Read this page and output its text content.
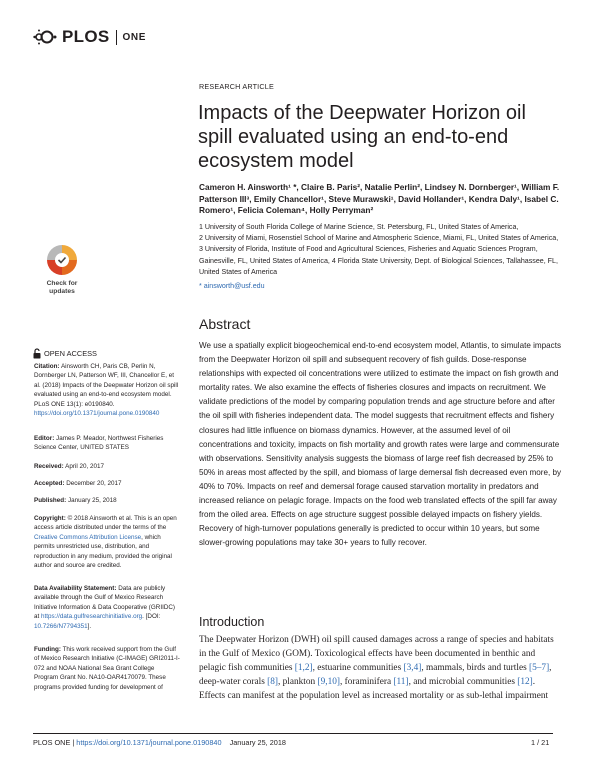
PLOS ONE
RESEARCH ARTICLE
Impacts of the Deepwater Horizon oil spill evaluated using an end-to-end ecosystem model
Cameron H. Ainsworth¹ *, Claire B. Paris², Natalie Perlin², Lindsey N. Dornberger¹, William F. Patterson III³, Emily Chancellor¹, Steve Murawski¹, David Hollander¹, Kendra Daly¹, Isabel C. Romero¹, Felicia Coleman⁴, Holly Perryman²

1 University of South Florida College of Marine Science, St. Petersburg, FL, United States of America,

2 University of Miami, Rosenstiel School of Marine and Atmospheric Science, Miami, FL, United States of America, 3 University of Florida, Institute of Food and Agricultural Sciences, Fisheries and Aquatic Sciences Program, Gainesville, FL, United States of America, 4 Florida State University, Dept. of Biological Sciences, Tallahassee, FL, United States of America

* ainsworth@usf.edu
Abstract

We use a spatially explicit biogeochemical end-to-end ecosystem model, Atlantis, to simulate impacts from the Deepwater Horizon oil spill and subsequent recovery of fish guilds. Dose-response relationships with expected oil concentrations were utilized to estimate the impact on fish growth and mortality rates. We also examine the effects of fisheries closures and impacts on recruitment. We validate predictions of the model by comparing population trends and age structure before and after the oil spill with fisheries independent data. The model suggests that recruitment effects and fishery closures had little influence on biomass dynamics. However, at the assumed level of oil concentrations and toxicity, impacts on fish mortality and growth rates were large and commensurate with observations. Sensitivity analysis suggests the biomass of large reef fish decreased by 25% to 50% in areas most affected by the spill, and biomass of large demersal fish decreased even more, by 40% to 70%. Impacts on reef and demersal forage caused starvation mortality in predators and increased reliance on pelagic forage. Impacts on the food web translated effects of the spill far away from the oiled area. Effects on age structure suggest possible delayed impacts on fishery yields. Recovery of high-turnover populations generally is predicted to occur within 10 years, but some slower-growing populations may take 30+ years to fully recover.

Introduction

The Deepwater Horizon (DWH) oil spill caused damages across a range of species and habitats in the Gulf of Mexico (GOM). Toxicological effects have been documented in benthic and pelagic fish communities [1,2], estuarine communities [3,4], mammals, birds and turtles [5–7], deep-water corals [8], plankton [9,10], foraminifera [11], and microbial communities [12]. Effects can manifest at the population level as increased mortality or as sub-lethal impairment

Check for updates
OPEN ACCESS

Citation: Ainsworth CH, Paris CB, Perlin N, Dornberger LN, Patterson WF, III, Chancellor E, et al. (2018) Impacts of the Deepwater Horizon oil spill evaluated using an end-to-end ecosystem model. PLoS ONE 13(1): e0190840. https://doi.org/10.1371/journal.pone.0190840

Editor: James P. Meador, Northwest Fisheries Science Center, UNITED STATES

Received: April 20, 2017

Accepted: December 20, 2017

Published: January 25, 2018

Copyright: © 2018 Ainsworth et al. This is an open access article distributed under the terms of the Creative Commons Attribution License, which permits unrestricted use, distribution, and reproduction in any medium, provided the original author and source are credited.

Data Availability Statement: Data are publicly available through the Gulf of Mexico Research Initiative Information & Data Cooperative (GRIIDC) at https://data.gulfresearchinitiative.org. [DOI: 10.7266/N7794351].

Funding: This work received support from the Gulf of Mexico Research Initiative (C-IMAGE) GRI2011-I-072 and NOAA National Sea Grant College Program Grant No. NA10-OAR4170079. These programs provided funding for development of

PLOS ONE | https://doi.org/10.1371/journal.pone.0190840 January 25, 2018	1 / 21
